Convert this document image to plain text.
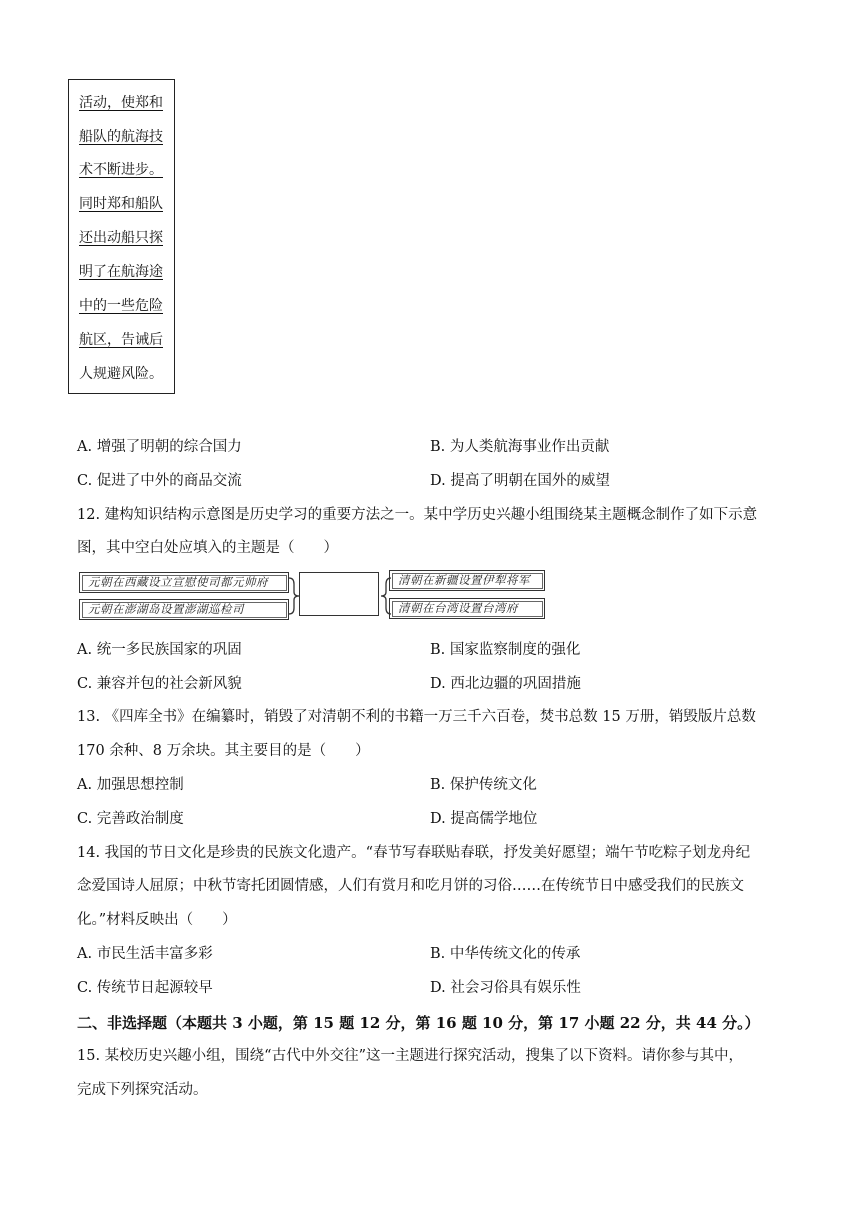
活动，使郑和
船队的航海技
术不断进步。
同时郑和船队
还出动船只探
明了在航海途
中的一些危险
航区，告诫后
人规避风险。
A. 增强了明朝的综合国力	B. 为人类航海事业作出贡献
C. 促进了中外的商品交流	D. 提高了明朝在国外的威望
12. 建构知识结构示意图是历史学习的重要方法之一。某中学历史兴趣小组围绕某主题概念制作了如下示意
图，其中空白处应填入的主题是（　　）
元朝在西藏设立宣慰使司都元帅府
元朝在澎湖岛设置澎湖巡检司
清朝在新疆设置伊犁将军
清朝在台湾设置台湾府
A. 统一多民族国家的巩固	B. 国家监察制度的强化
C. 兼容并包的社会新风貌	D. 西北边疆的巩固措施
13. 《四库全书》在编纂时，销毁了对清朝不利的书籍一万三千六百卷，焚书总数 15 万册，销毁版片总数
170 余种、8 万余块。其主要目的是（　　）
A. 加强思想控制	B. 保护传统文化
C. 完善政治制度	D. 提高儒学地位
14. 我国的节日文化是珍贵的民族文化遗产。“春节写春联贴春联，抒发美好愿望；端午节吃粽子划龙舟纪
念爱国诗人屈原；中秋节寄托团圆情感，人们有赏月和吃月饼的习俗……在传统节日中感受我们的民族文
化。”材料反映出（　　）
A. 市民生活丰富多彩	B. 中华传统文化的传承
C. 传统节日起源较早	D. 社会习俗具有娱乐性
二、非选择题（本题共 3 小题，第 15 题 12 分，第 16 题 10 分，第 17 小题 22 分，共 44 分。）
15. 某校历史兴趣小组，围绕“古代中外交往”这一主题进行探究活动，搜集了以下资料。请你参与其中，
完成下列探究活动。
